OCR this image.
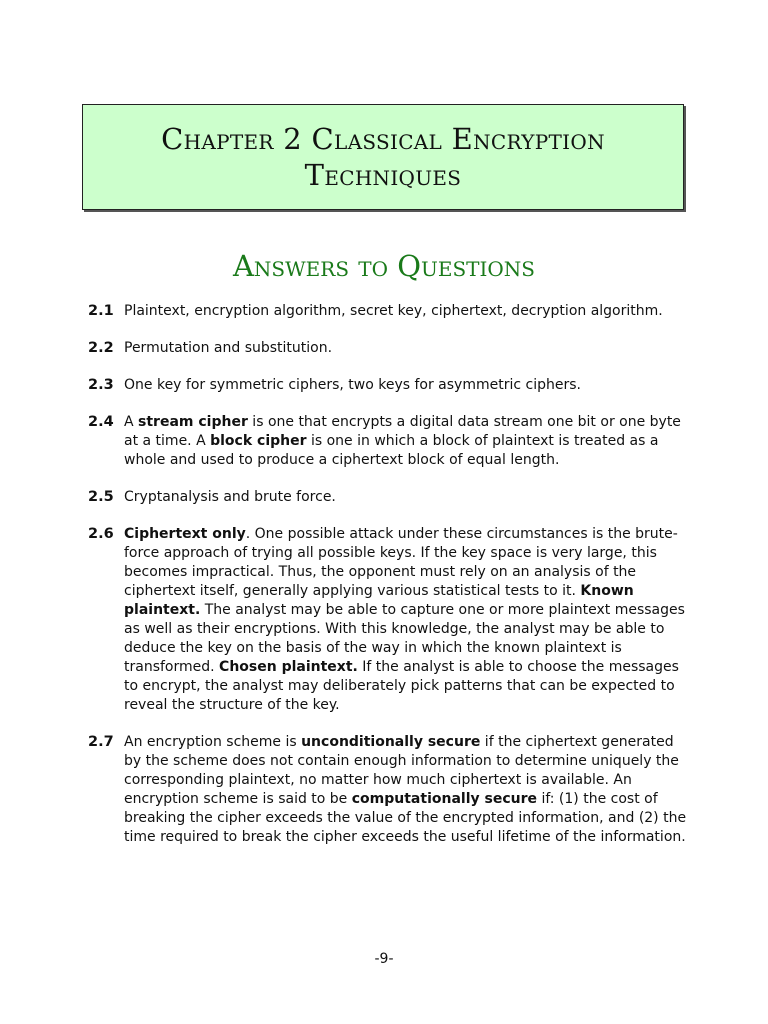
Chapter 2 Classical Encryption
Techniques
Answers to Questions
2.1 Plaintext, encryption algorithm, secret key, ciphertext, decryption algorithm.
2.2 Permutation and substitution.
2.3 One key for symmetric ciphers, two keys for asymmetric ciphers.
2.4 A stream cipher is one that encrypts a digital data stream one bit or one byte at a time. A block cipher is one in which a block of plaintext is treated as a whole and used to produce a ciphertext block of equal length.
2.5 Cryptanalysis and brute force.
2.6 Ciphertext only. One possible attack under these circumstances is the brute-force approach of trying all possible keys. If the key space is very large, this becomes impractical. Thus, the opponent must rely on an analysis of the ciphertext itself, generally applying various statistical tests to it. Known plaintext. The analyst may be able to capture one or more plaintext messages as well as their encryptions. With this knowledge, the analyst may be able to deduce the key on the basis of the way in which the known plaintext is transformed. Chosen plaintext. If the analyst is able to choose the messages to encrypt, the analyst may deliberately pick patterns that can be expected to reveal the structure of the key.
2.7 An encryption scheme is unconditionally secure if the ciphertext generated by the scheme does not contain enough information to determine uniquely the corresponding plaintext, no matter how much ciphertext is available. An encryption scheme is said to be computationally secure if: (1) the cost of breaking the cipher exceeds the value of the encrypted information, and (2) the time required to break the cipher exceeds the useful lifetime of the information.
-9-
